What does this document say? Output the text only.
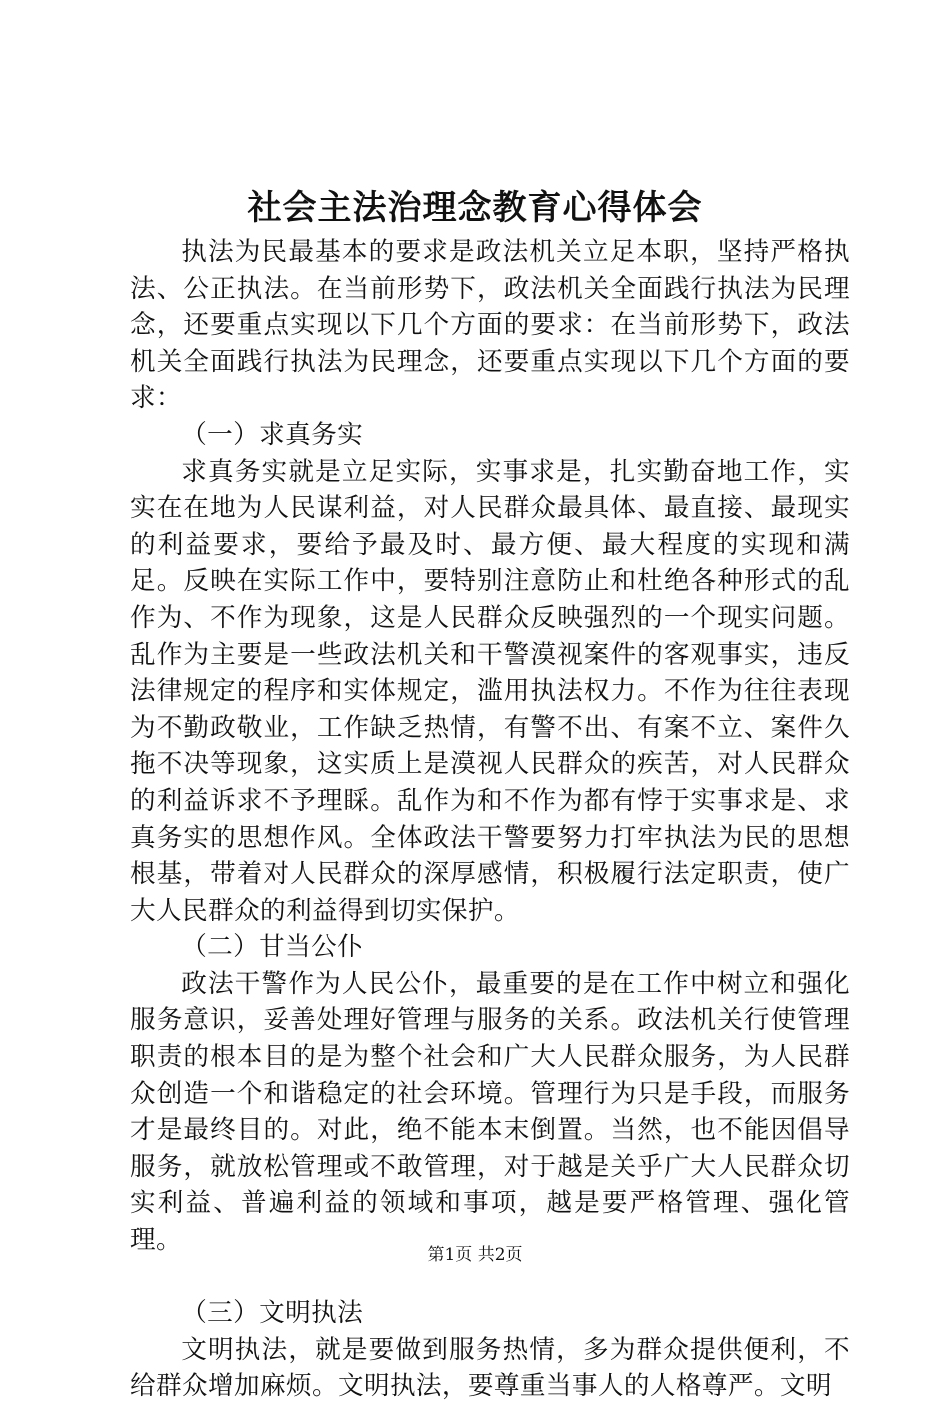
社会主法治理念教育心得体会

执法为民最基本的要求是政法机关立足本职，坚持严格执法、公正执法。在当前形势下，政法机关全面践行执法为民理念，还要重点实现以下几个方面的要求：在当前形势下，政法机关全面践行执法为民理念，还要重点实现以下几个方面的要求：

（一）求真务实

求真务实就是立足实际，实事求是，扎实勤奋地工作，实实在在地为人民谋利益，对人民群众最具体、最直接、最现实的利益要求，要给予最及时、最方便、最大程度的实现和满足。反映在实际工作中，要特别注意防止和杜绝各种形式的乱作为、不作为现象，这是人民群众反映强烈的一个现实问题。乱作为主要是一些政法机关和干警漠视案件的客观事实，违反法律规定的程序和实体规定，滥用执法权力。不作为往往表现为不勤政敬业，工作缺乏热情，有警不出、有案不立、案件久拖不决等现象，这实质上是漠视人民群众的疾苦，对人民群众的利益诉求不予理睬。乱作为和不作为都有悖于实事求是、求真务实的思想作风。全体政法干警要努力打牢执法为民的思想根基，带着对人民群众的深厚感情，积极履行法定职责，使广大人民群众的利益得到切实保护。

（二）甘当公仆

政法干警作为人民公仆，最重要的是在工作中树立和强化服务意识，妥善处理好管理与服务的关系。政法机关行使管理职责的根本目的是为整个社会和广大人民群众服务，为人民群众创造一个和谐稳定的社会环境。管理行为只是手段，而服务才是最终目的。对此，绝不能本末倒置。当然，也不能因倡导服务，就放松管理或不敢管理，对于越是关乎广大人民群众切实利益、普遍利益的领域和事项，越是要严格管理、强化管理。

（三）文明执法

文明执法，就是要做到服务热情，多为群众提供便利，不给群众增加麻烦。文明执法，要尊重当事人的人格尊严。文明

第1页 共2页
